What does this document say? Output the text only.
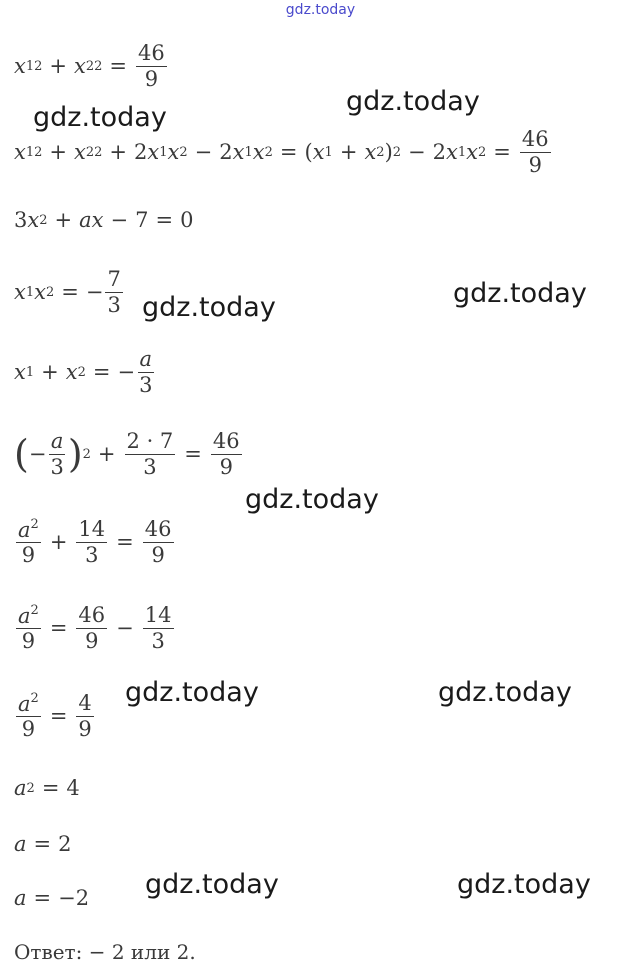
gdz.today
gdz.today
gdz.today
gdz.today	gdz.today
gdz.today
gdz.today	gdz.today
gdz.today	gdz.today
x 1 2 + x 2 $2 = \frac{46}{9}$
x 1 2 + x 2 2 + 2 x 1 x 2 − 2 x 1 x 2 = ( x 1 + x 2 ) 2 − 2 x 1 x $2 = \frac{46}{9}$
3 x 2 + ax − 7 = 0
x 1 x 2 = − $\frac{7}{3}$
x 1 + x 2 = − $\frac{a}{3}$
( − $\frac{a}{3}$ ) $2 + \frac{2 \cdot 7}{3} = \frac{46}{9}$
$\frac{a^2}{9} + \frac{14}{3} = \frac{46}{9}$
$\frac{a^2}{9} = \frac{46}{9} - \frac{14}{3}$
$\frac{a^2}{9} = \frac{4}{9}$
a 2 = 4
a = 2
a = −2
Ответ: − 2 или 2.
